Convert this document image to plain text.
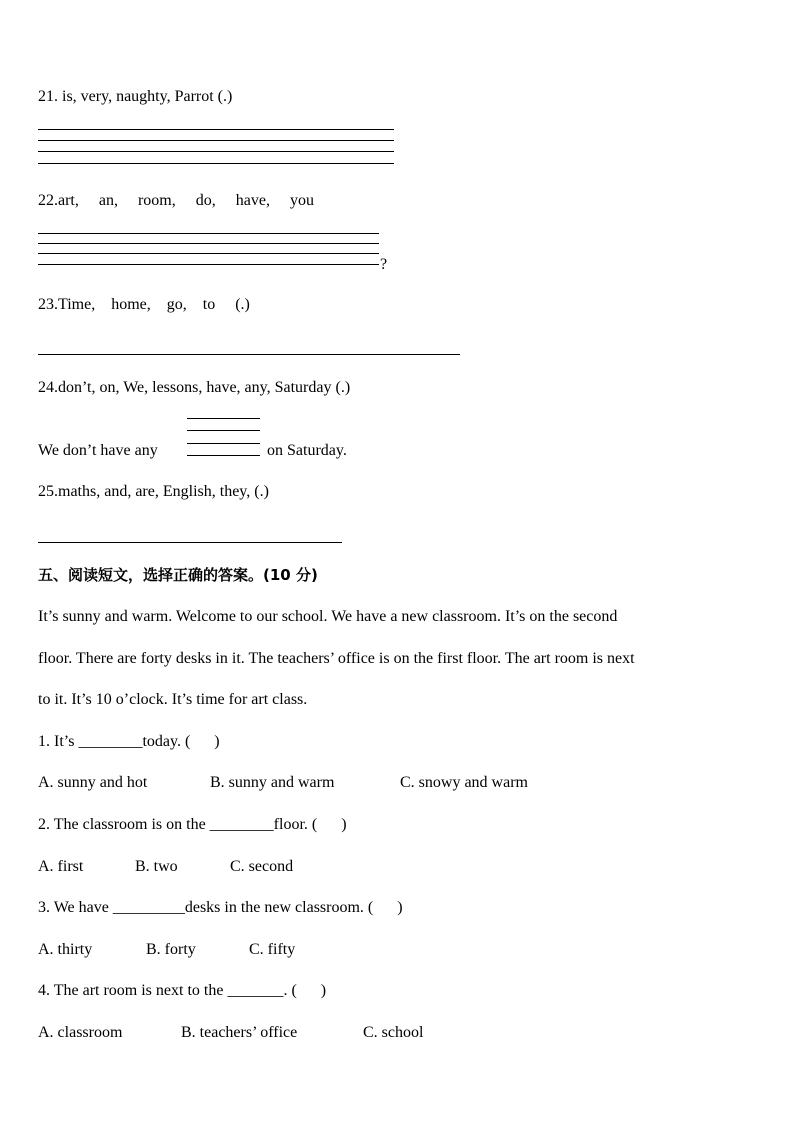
21. is, very, naughty, Parrot (.)
22.art,     an,     room,     do,     have,     you
?
23.Time,    home,    go,    to     (.)
24.don’t, on, We, lessons, have, any, Saturday (.)
We don’t have any	on Saturday.
25.maths, and, are, English, they, (.)
五、阅读短文，选择正确的答案。(10 分)
It’s sunny and warm. Welcome to our school. We have a new classroom. It’s on the second
floor. There are forty desks in it. The teachers’ office is on the first floor. The art room is next
to it. It’s 10 o’clock. It’s time for art class.
1. It’s ________today. (      )
A. sunny and hot	B. sunny and warm	C. snowy and warm
2. The classroom is on the ________floor. (      )
A. first	B. two	C. second
3. We have _________desks in the new classroom. (      )
A. thirty	B. forty	C. fifty
4. The art room is next to the _______. (      )
A. classroom	B. teachers’ office	C. school
